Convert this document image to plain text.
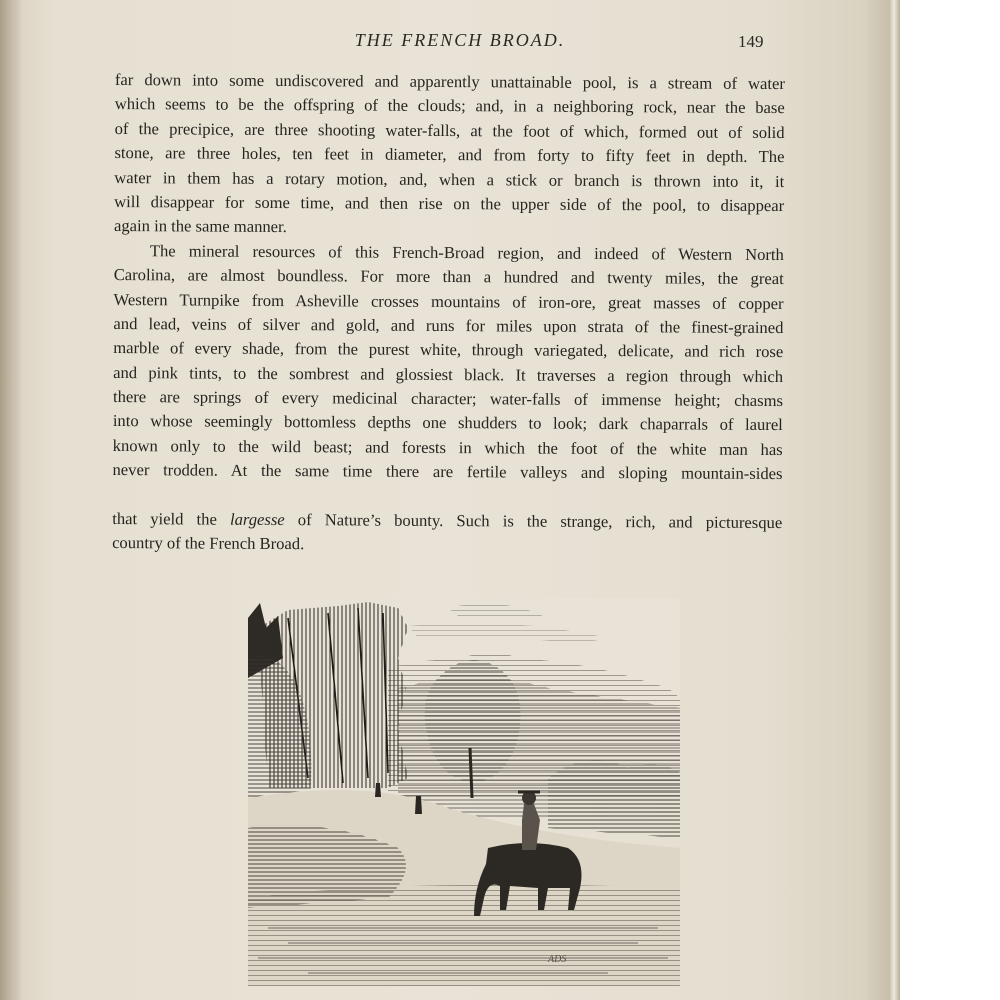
THE FRENCH BROAD.	149
far down into some undiscovered and apparently unattainable pool, is a stream of water
which seems to be the offspring of the clouds; and, in a neighboring rock, near the base
of the precipice, are three shooting water-falls, at the foot of which, formed out of solid
stone, are three holes, ten feet in diameter, and from forty to fifty feet in depth. The
water in them has a rotary motion, and, when a stick or branch is thrown into it, it
will disappear for some time, and then rise on the upper side of the pool, to disappear
again in the same manner.
The mineral resources of this French-Broad region, and indeed of Western North
Carolina, are almost boundless. For more than a hundred and twenty miles, the great
Western Turnpike from Asheville crosses mountains of iron-ore, great masses of copper
and lead, veins of silver and gold, and runs for miles upon strata of the finest-grained
marble of every shade, from the purest white, through variegated, delicate, and rich rose
and pink tints, to the sombrest and glossiest black. It traverses a region through which
there are springs of every medicinal character; water-falls of immense height; chasms
into whose seemingly bottomless depths one shudders to look; dark chaparrals of laurel
known only to the wild beast; and forests in which the foot of the white man has
never trodden. At the same time there are fertile valleys and sloping mountain-sides
that yield the largesse of Nature’s bounty. Such is the strange, rich, and picturesque
country of the French Broad.
ADS
